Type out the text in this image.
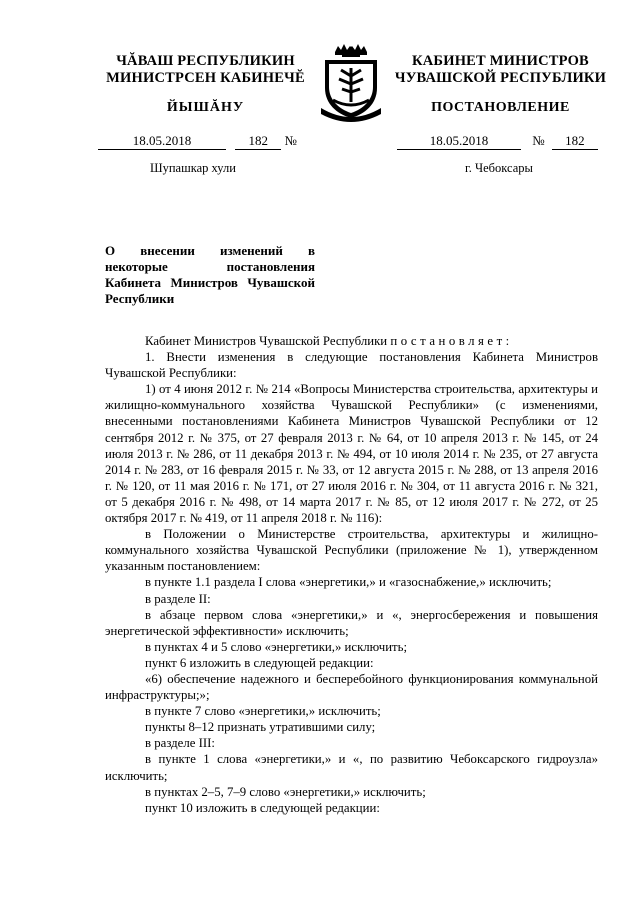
ЧĂВАШ РЕСПУБЛИКИН
МИНИСТРСЕН КАБИНЕЧĔ
КАБИНЕТ МИНИСТРОВ
ЧУВАШСКОЙ РЕСПУБЛИКИ
ЙЫШĂНУ	ПОСТАНОВЛЕНИЕ
18.05.2018	182 №	18.05.2018	№ 182
Шупашкар хули	г. Чебоксары
О внесении изменений в некоторые постановления Кабинета Министров Чувашской Республики

Кабинет Министров Чувашской Республики постановляет:

1. Внести изменения в следующие постановления Кабинета Министров Чувашской Республики:

1) от 4 июня 2012 г. № 214 «Вопросы Министерства строительства, архитектуры и жилищно-коммунального хозяйства Чувашской Республики» (с изменениями, внесенными постановлениями Кабинета Министров Чувашской Республики от 12 сентября 2012 г. № 375, от 27 февраля 2013 г. № 64, от 10 апреля 2013 г. № 145, от 24 июля 2013 г. № 286, от 11 декабря 2013 г. № 494, от 10 июля 2014 г. № 235, от 27 августа 2014 г. № 283, от 16 февраля 2015 г. № 33, от 12 августа 2015 г. № 288, от 13 апреля 2016 г. № 120, от 11 мая 2016 г. № 171, от 27 июля 2016 г. № 304, от 11 августа 2016 г. № 321, от 5 декабря 2016 г. № 498, от 14 марта 2017 г. № 85, от 12 июля 2017 г. № 272, от 25 октября 2017 г. № 419, от 11 апреля 2018 г. № 116):

в Положении о Министерстве строительства, архитектуры и жилищно-коммунального хозяйства Чувашской Республики (приложение № 1), утвержденном указанным постановлением:

в пункте 1.1 раздела I слова «энергетики,» и «газоснабжение,» исключить;

в разделе II:

в абзаце первом слова «энергетики,» и «, энергосбережения и повышения энергетической эффективности» исключить;

в пунктах 4 и 5 слово «энергетики,» исключить;

пункт 6 изложить в следующей редакции:

«6) обеспечение надежного и бесперебойного функционирования коммунальной инфраструктуры;»;

в пункте 7 слово «энергетики,» исключить;

пункты 8–12 признать утратившими силу;

в разделе III:

в пункте 1 слова «энергетики,» и «, по развитию Чебоксарского гидроузла» исключить;

в пунктах 2–5, 7–9 слово «энергетики,» исключить;

пункт 10 изложить в следующей редакции:
